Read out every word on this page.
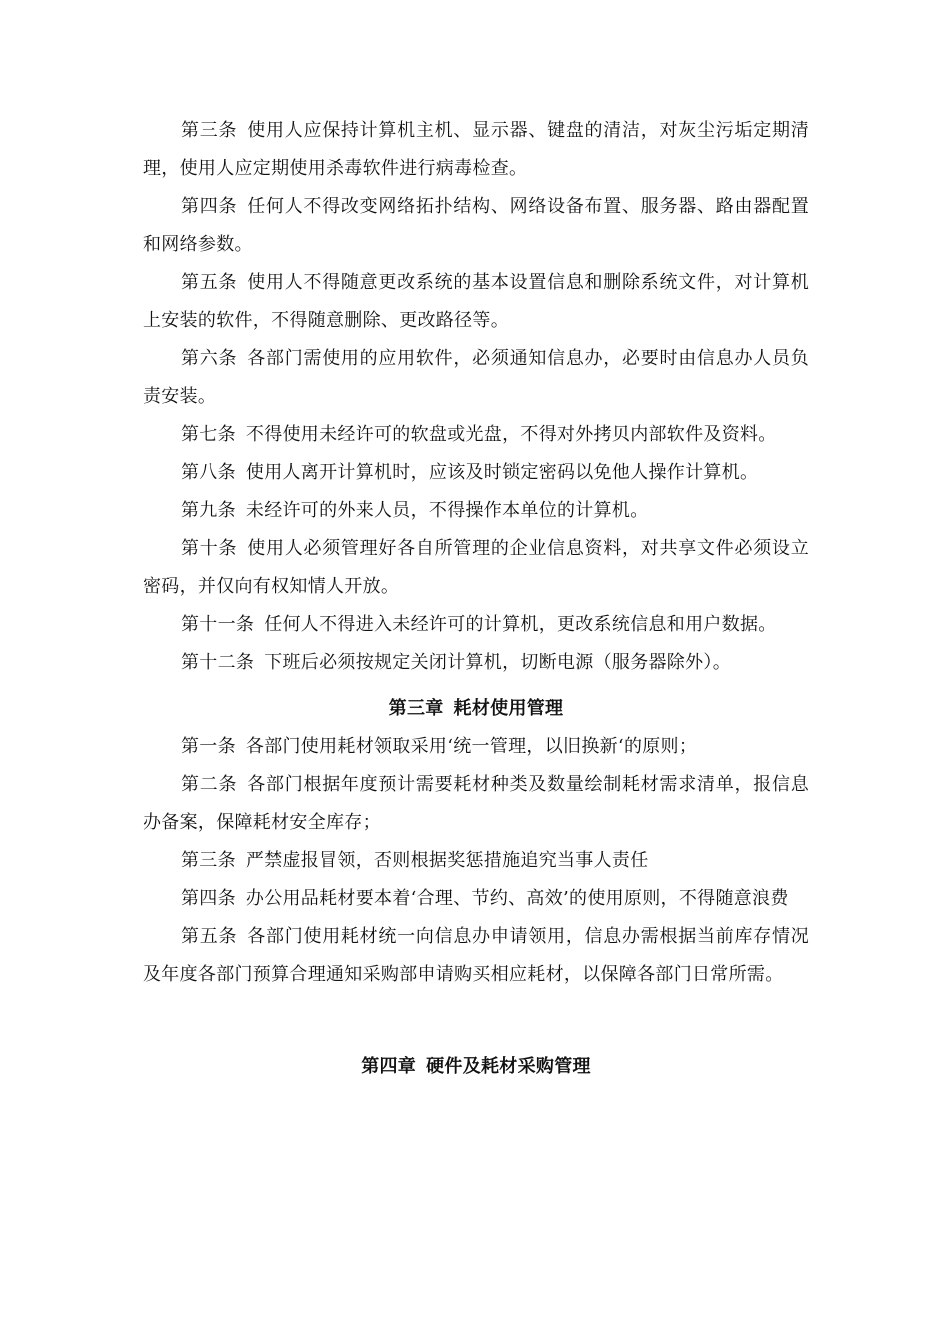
第三条 使用人应保持计算机主机、显示器、键盘的清洁，对灰尘污垢定期清理，使用人应定期使用杀毒软件进行病毒检查。

第四条 任何人不得改变网络拓扑结构、网络设备布置、服务器、路由器配置和网络参数。

第五条 使用人不得随意更改系统的基本设置信息和删除系统文件，对计算机上安装的软件，不得随意删除、更改路径等。

第六条 各部门需使用的应用软件，必须通知信息办，必要时由信息办人员负责安装。

第七条 不得使用未经许可的软盘或光盘，不得对外拷贝内部软件及资料。

第八条 使用人离开计算机时，应该及时锁定密码以免他人操作计算机。

第九条 未经许可的外来人员，不得操作本单位的计算机。

第十条 使用人必须管理好各自所管理的企业信息资料，对共享文件必须设立密码，并仅向有权知情人开放。

第十一条 任何人不得进入未经许可的计算机，更改系统信息和用户数据。

第十二条 下班后必须按规定关闭计算机，切断电源（服务器除外）。

第三章 耗材使用管理

第一条 各部门使用耗材领取采用‘统一管理，以旧换新‘的原则；

第二条 各部门根据年度预计需要耗材种类及数量绘制耗材需求清单，报信息办备案，保障耗材安全库存；

第三条 严禁虚报冒领，否则根据奖惩措施追究当事人责任

第四条 办公用品耗材要本着‘合理、节约、高效’的使用原则，不得随意浪费

第五条 各部门使用耗材统一向信息办申请领用，信息办需根据当前库存情况及年度各部门预算合理通知采购部申请购买相应耗材，以保障各部门日常所需。

第四章 硬件及耗材采购管理
